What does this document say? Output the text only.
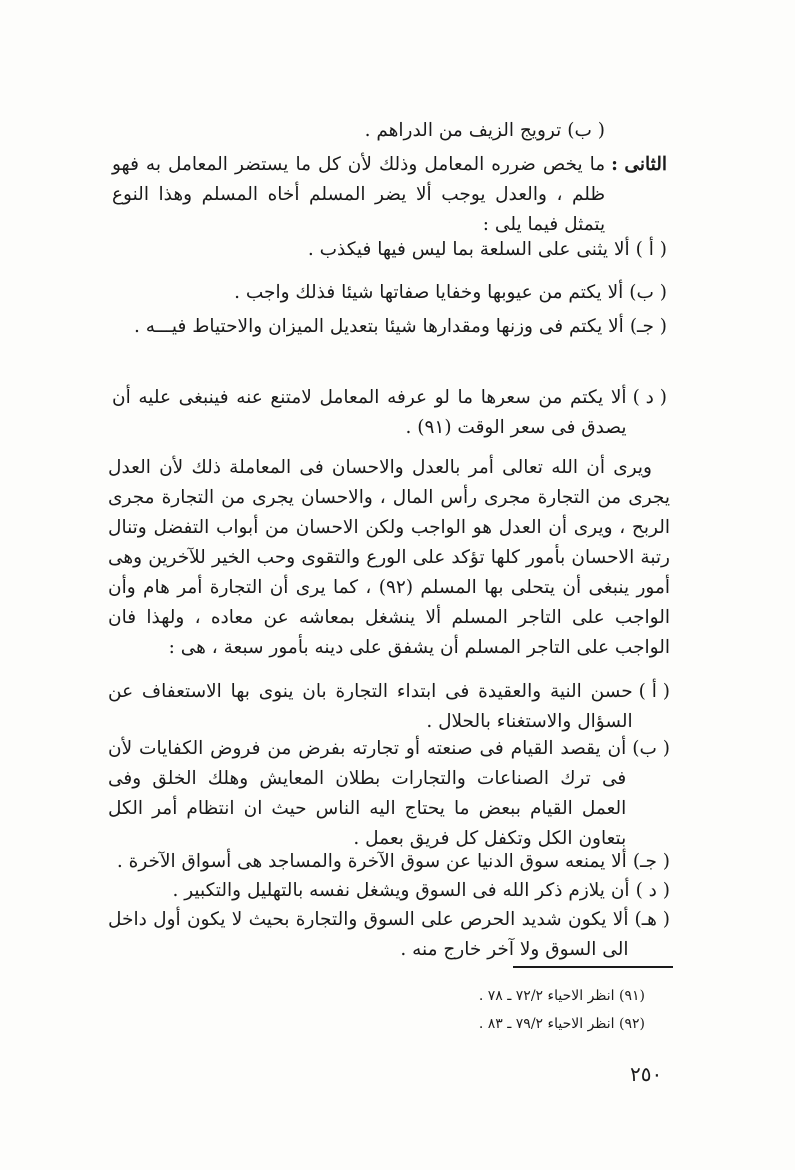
( ب)
ترويج الزيف من الدراهم .
الثانى :
ما يخص ضرره المعامل وذلك لأن كل ما يستضر المعامل به فهو ظلم ، والعدل يوجب ألا يضر المسلم أخاه المسلم وهذا النوع يتمثل فيما يلى :
( أ )
ألا يثنى على السلعة بما ليس فيها فيكذب .
( ب)
ألا يكتم من عيوبها وخفايا صفاتها شيئا فذلك واجب .
( جـ)
ألا يكتم فى وزنها ومقدارها شيئا بتعديل الميزان والاحتياط فيـــه .
( د )
ألا يكتم من سعرها ما لو عرفه المعامل لامتنع عنه فينبغى عليه أن يصدق فى سعر الوقت (٩١) .

ويرى أن الله تعالى أمر بالعدل والاحسان فى المعاملة ذلك لأن العدل يجرى من التجارة مجرى رأس المال ، والاحسان يجرى من التجارة مجرى الربح ، ويرى أن العدل هو الواجب ولكن الاحسان من أبواب التفضل وتنال رتبة الاحسان بأمور كلها تؤكد على الورع والتقوى وحب الخير للآخرين وهى أمور ينبغى أن يتحلى بها المسلم (٩٢) ، كما يرى أن التجارة أمر هام وأن الواجب على التاجر المسلم ألا ينشغل بمعاشه عن معاده ، ولهذا فان الواجب على التاجر المسلم أن يشفق على دينه بأمور سبعة ، هى :

( أ )
حسن النية والعقيدة فى ابتداء التجارة بان ينوى بها الاستعفاف عن السؤال والاستغناء بالحلال .
( ب)
أن يقصد القيام فى صنعته أو تجارته بفرض من فروض الكفايات لأن فى ترك الصناعات والتجارات بطلان المعايش وهلك الخلق وفى العمل القيام ببعض ما يحتاج اليه الناس حيث ان انتظام أمر الكل بتعاون الكل وتكفل كل فريق بعمل .
( جـ)
ألا يمنعه سوق الدنيا عن سوق الآخرة والمساجد هى أسواق الآخرة .
( د )
أن يلازم ذكر الله فى السوق ويشغل نفسه بالتهليل والتكبير .
( هـ)
ألا يكون شديد الحرص على السوق والتجارة بحيث لا يكون أول داخل الى السوق ولا آخر خارج منه .
(٩١) انظر الاحياء ٧٢/٢ ـ ٧٨ .
(٩٢) انظر الاحياء ٧٩/٢ ـ ٨٣ .
٢٥٠
